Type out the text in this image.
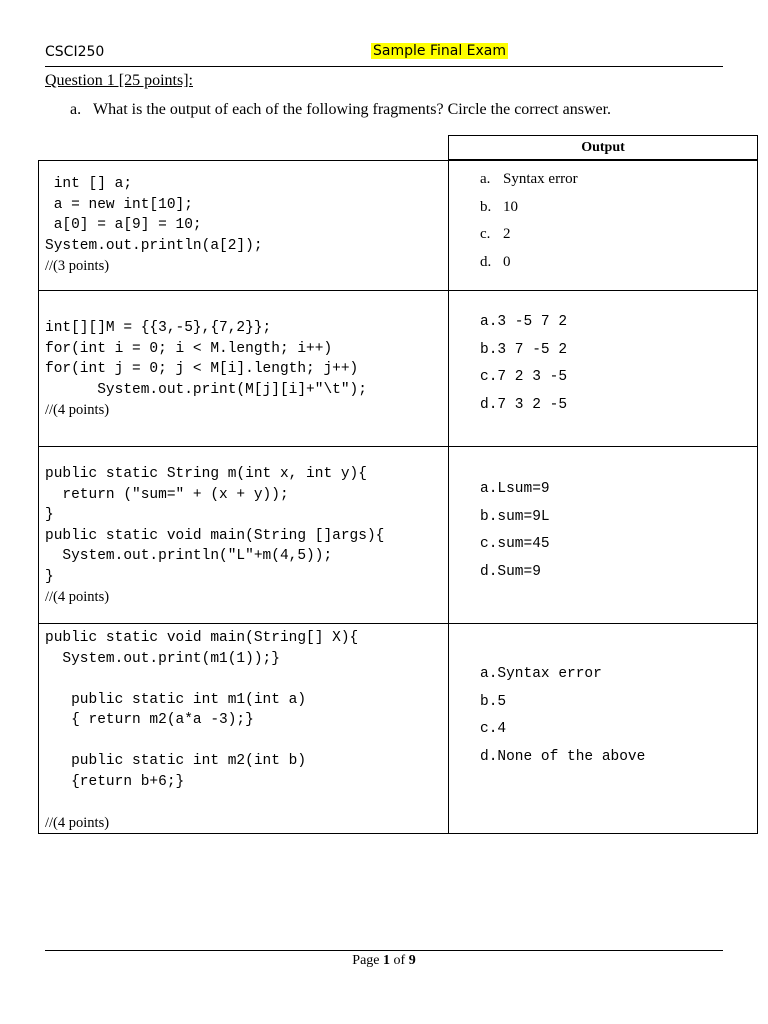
CSCI250	Sample Final Exam
Question 1 [25 points]:
a. What is the output of each of the following fragments? Circle the correct answer.
Output
int [] a;
a = new int[10];
a[0] = a[9] = 10;
System.out.println(a[2]);
//(3 points)
a. Syntax error
b. 10
c. 2
d. 0
int[][]M = {{3,-5},{7,2}};
for(int i = 0; i < M.length; i++)
for(int j = 0; j < M[i].length; j++)
System.out.print(M[j][i]+"\t");
//(4 points)
a.3 -5 7 2
b.3 7 -5 2
c.7 2 3 -5
d.7 3 2 -5
public static String m(int x, int y){
return ("sum=" + (x + y));
}
public static void main(String []args){
System.out.println("L"+m(4,5));
}
//(4 points)
a.Lsum=9
b.sum=9L
c.sum=45
d.Sum=9
public static void main(String[] X){
System.out.print(m1(1));}

public static int m1(int a)
{ return m2(a*a -3);}

public static int m2(int b)
{return b+6;}

//(4 points)
a.Syntax error
b.5
c.4
d.None of the above
Page 1 of 9
